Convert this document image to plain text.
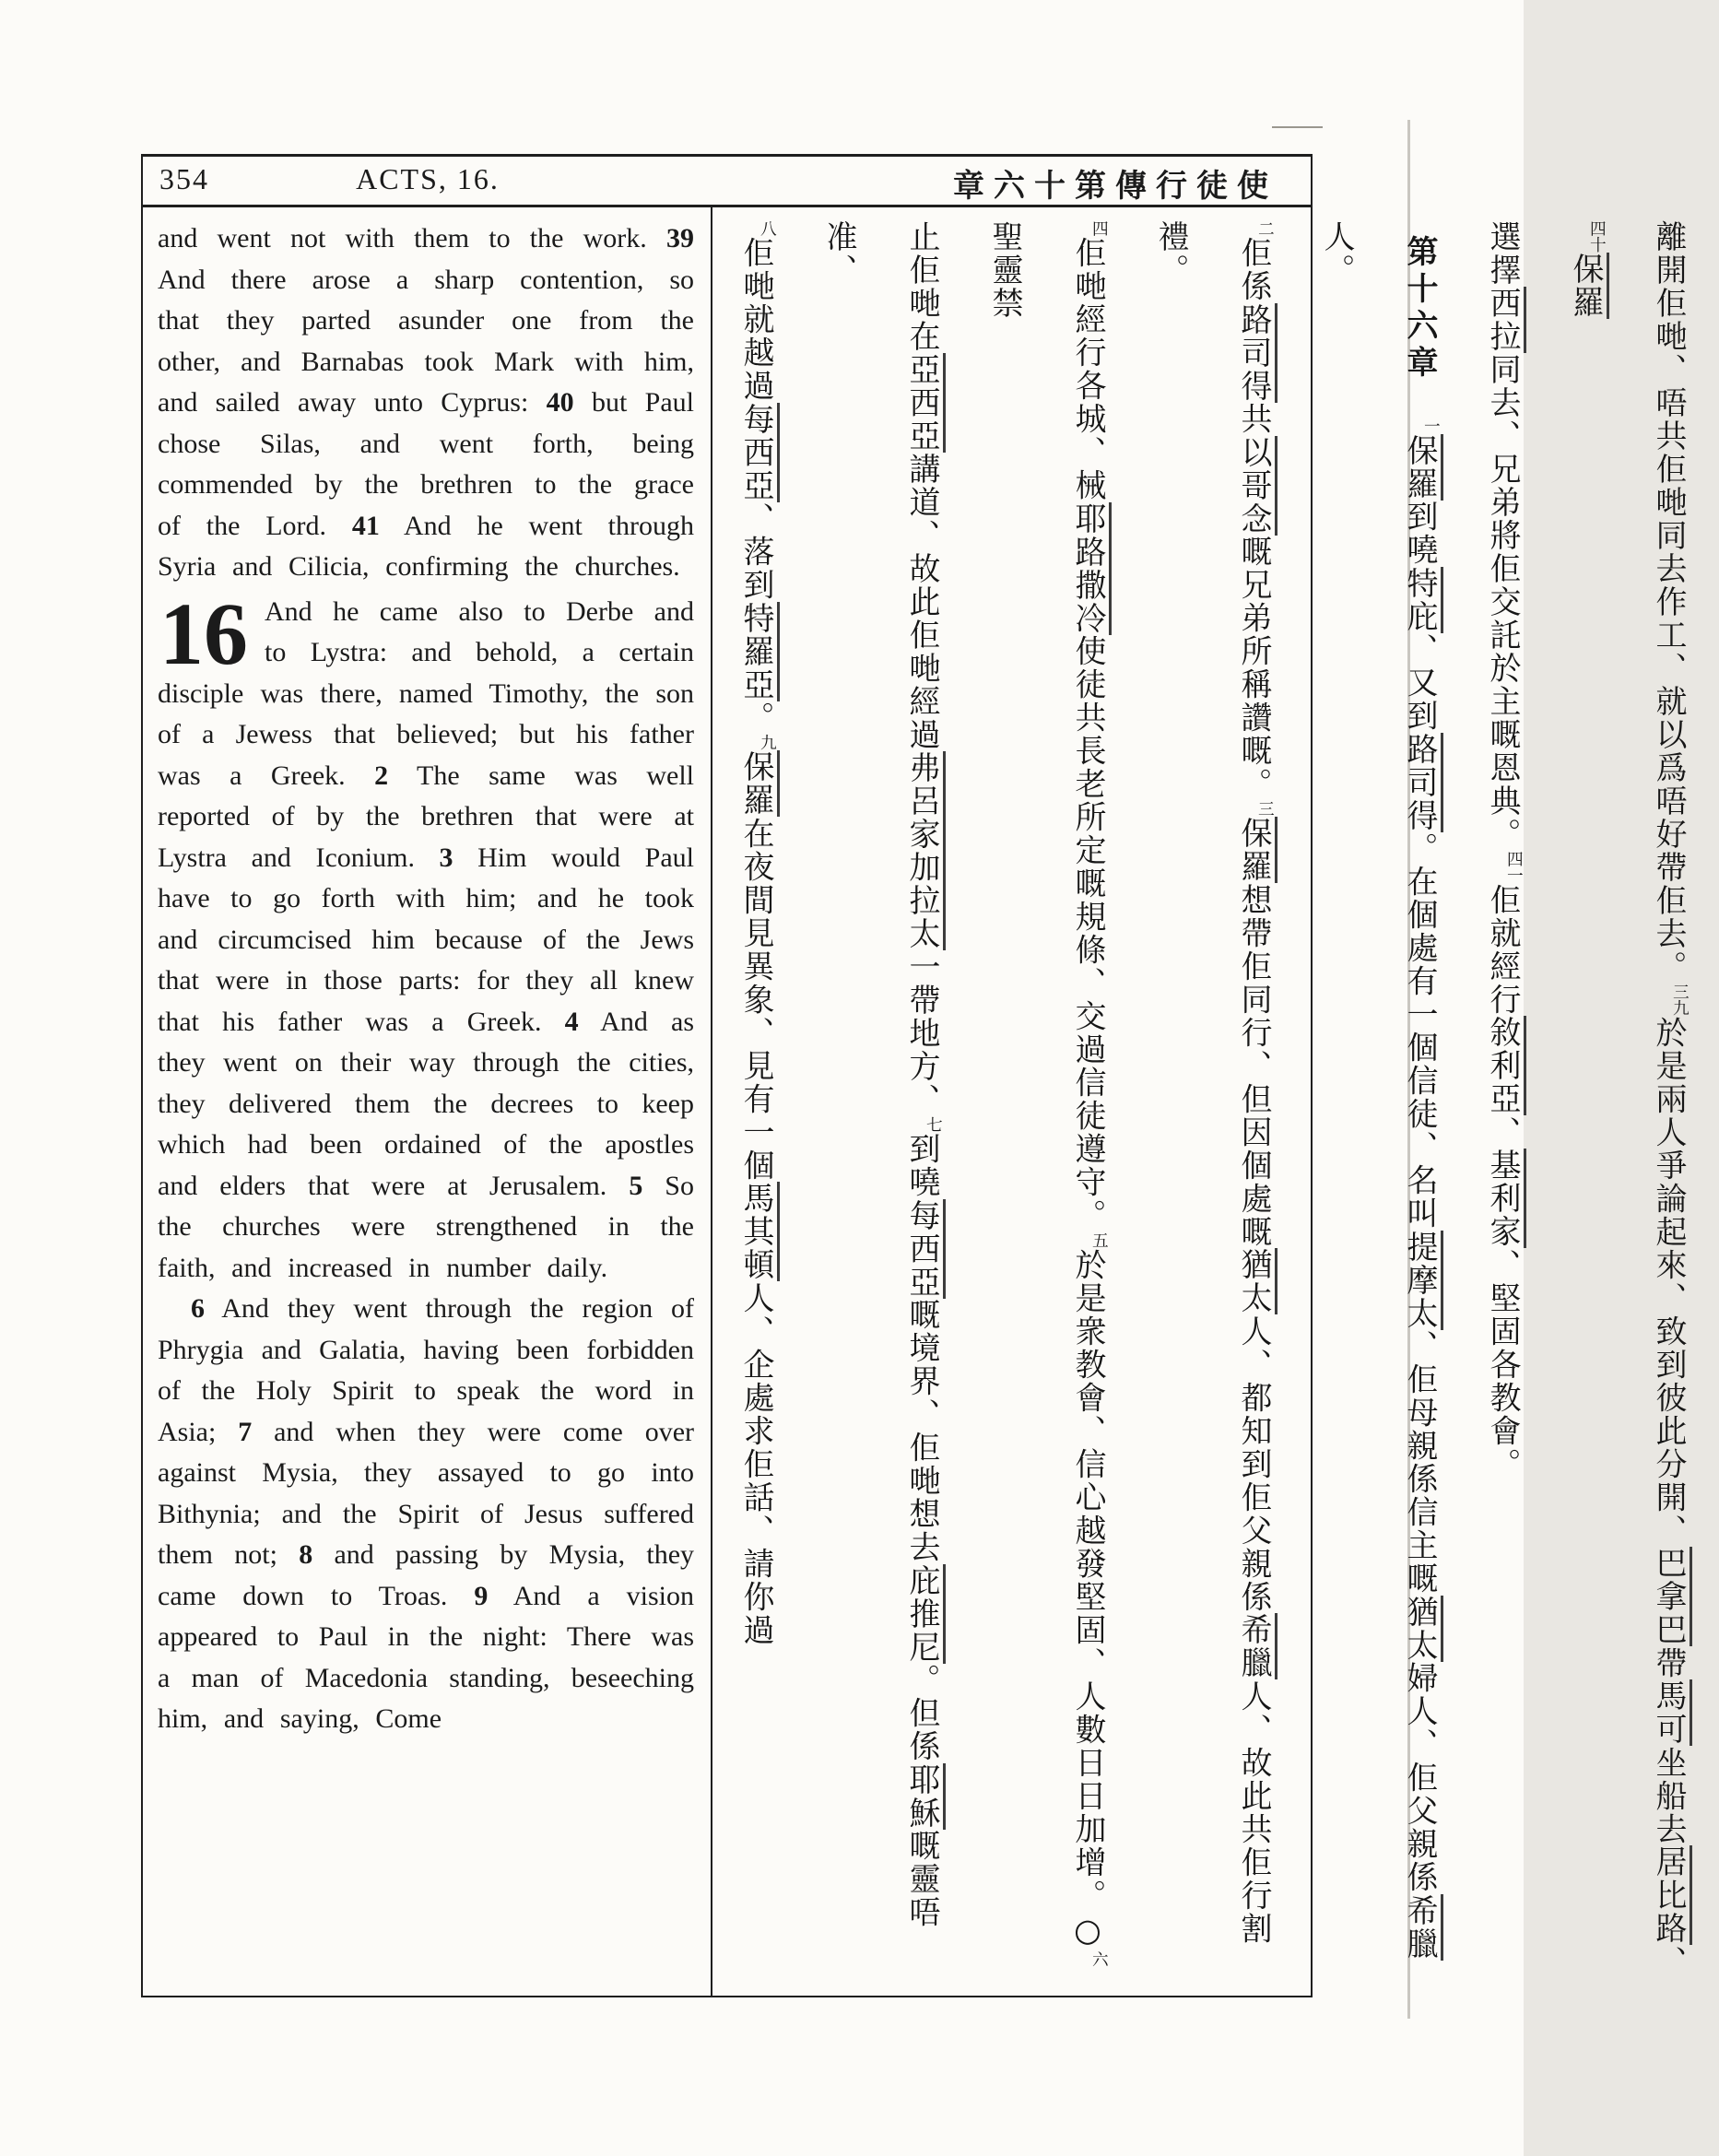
354	ACTS, 16.	章六十第傳行徒使

and went not with them to the work. 39 And there arose a sharp contention, so that they parted asunder one from the other, and Barnabas took Mark with him, and sailed away unto Cyprus: 40 but Paul chose Silas, and went forth, being commended by the brethren to the grace of the Lord. 41 And he went through Syria and Cilicia, confirming the churches.

16 And he came also to Derbe and to Lystra: and behold, a certain disciple was there, named Timothy, the son of a Jewess that believed; but his father was a Greek. 2 The same was well reported of by the brethren that were at Lystra and Iconium. 3 Him would Paul have to go forth with him; and he took and circumcised him because of the Jews that were in those parts: for they all knew that his father was a Greek. 4 And as they went on their way through the cities, they delivered them the decrees to keep which had been ordained of the apostles and elders that were at Jerusalem. 5 So the churches were strengthened in the faith, and increased in number daily.

6 And they went through the region of Phrygia and Galatia, having been forbidden of the Holy Spirit to speak the word in Asia; 7 and when they were come over against Mysia, they assayed to go into Bithynia; and the Spirit of Jesus suffered them not; 8 and passing by Mysia, they came down to Troas. 9 And a vision appeared to Paul in the night: There was a man of Macedonia standing, beseeching him, and saying, Come

離開佢哋、唔共佢哋同去作工、就以爲唔好帶佢去。$^{三九}$於是兩人爭論起來、致到彼此分開、巴拿巴帶馬可坐船去居比路、$^{四十}$保羅
選擇西拉同去、兄弟將佢交託於主嘅恩典。$^{四一}$佢就經行敘利亞、基利家、堅固各教會。
第十六章$^一$保羅到嘵特庇、又到路司得。在個處有一個信徒、名叫提摩太、佢母親係信主嘅猶太婦人、佢父親係希臘人。
$^二$佢係路司得共以哥念嘅兄弟所稱讚嘅。$^三$保羅想帶佢同行、但因個處嘅猶太人、都知到佢父親係希臘人、故此共佢行割禮。
$^四$佢哋經行各城、械耶路撒冷使徒共長老所定嘅規條、交過信徒遵守。$^五$於是衆教會、信心越發堅固、人數日日加增。○$^六$聖靈禁
止佢哋在亞西亞講道、故此佢哋經過弗呂家加拉太一帶地方、$^七$到嘵每西亞嘅境界、佢哋想去庇推尼。但係耶穌嘅靈唔准、
$^八$佢哋就越過每西亞、落到特羅亞。$^九$保羅在夜間見異象、見有一個馬其頓人、企處求佢話、請你過
